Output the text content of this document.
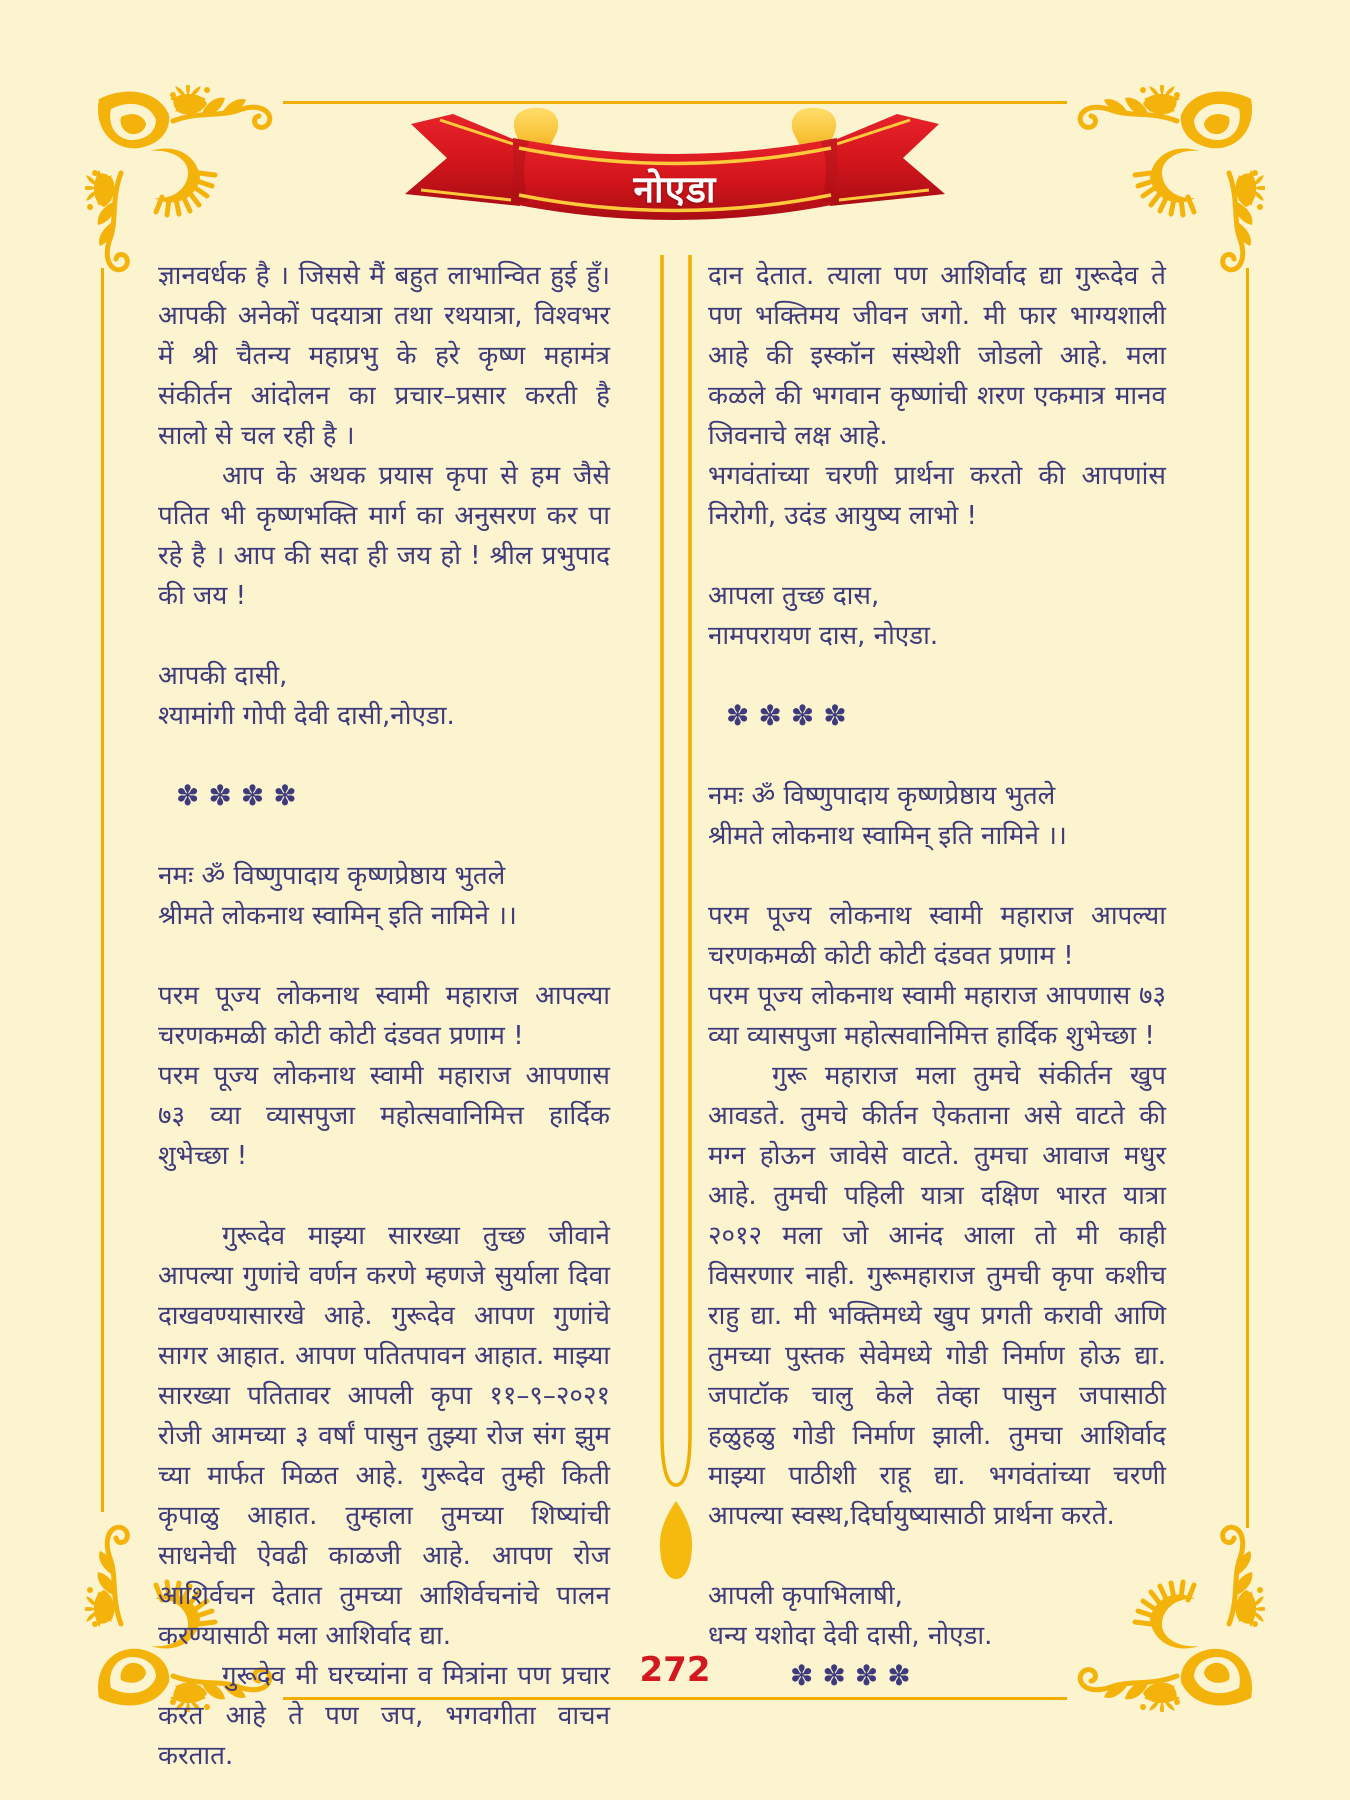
नोएडा

ज्ञानवर्धक है । जिससे मैं बहुत लाभान्वित हुई हुँ। आपकी अनेकों पदयात्रा तथा रथयात्रा, विश्वभर में श्री चैतन्य महाप्रभु के हरे कृष्ण महामंत्र संकीर्तन आंदोलन का प्रचार–प्रसार करती है सालो से चल रही है ।

आप के अथक प्रयास कृपा से हम जैसे पतित भी कृष्णभक्ति मार्ग का अनुसरण कर पा रहे है । आप की सदा ही जय हो ! श्रील प्रभुपाद की जय !

आपकी दासी,
श्यामांगी गोपी देवी दासी,नोएडा.
✽✽✽✽
नमः ॐ विष्णुपादाय कृष्णप्रेष्ठाय भुतले
श्रीमते लोकनाथ स्वामिन् इति नामिने ।।

परम पूज्य लोकनाथ स्वामी महाराज आपल्या चरणकमळी कोटी कोटी दंडवत प्रणाम !

परम पूज्य लोकनाथ स्वामी महाराज आपणास ७३ व्या व्यासपुजा महोत्सवानिमित्त हार्दिक शुभेच्छा !

गुरूदेव माझ्या सारख्या तुच्छ जीवाने आपल्या गुणांचे वर्णन करणे म्हणजे सुर्याला दिवा दाखवण्यासारखे आहे. गुरूदेव आपण गुणांचे सागर आहात. आपण पतितपावन आहात. माझ्या सारख्या पतितावर आपली कृपा ११–९–२०२१ रोजी आमच्या ३ वर्षां पासुन तुझ्या रोज संग झुम च्या मार्फत मिळत आहे. गुरूदेव तुम्ही किती कृपाळु आहात. तुम्हाला तुमच्या शिष्यांची साधनेची ऐवढी काळजी आहे. आपण रोज आशिर्वचन देतात तुमच्या आशिर्वचनांचे पालन करण्यासाठी मला आशिर्वाद द्या.

गुरूदेव मी घरच्यांना व मित्रांना पण प्रचार करत आहे ते पण जप, भगवगीता वाचन करतात.

दान देतात. त्याला पण आशिर्वाद द्या गुरूदेव ते पण भक्तिमय जीवन जगो. मी फार भाग्यशाली आहे की इस्कॉन संस्थेशी जोडलो आहे. मला कळले की भगवान कृष्णांची शरण एकमात्र मानव जिवनाचे लक्ष आहे.

भगवंतांच्या चरणी प्रार्थना करतो की आपणांस निरोगी, उदंड आयुष्य लाभो !

आपला तुच्छ दास,
नामपरायण दास, नोएडा.
✽✽✽✽
नमः ॐ विष्णुपादाय कृष्णप्रेष्ठाय भुतले
श्रीमते लोकनाथ स्वामिन् इति नामिने ।।

परम पूज्य लोकनाथ स्वामी महाराज आपल्या चरणकमळी कोटी कोटी दंडवत प्रणाम !

परम पूज्य लोकनाथ स्वामी महाराज आपणास ७३ व्या व्यासपुजा महोत्सवानिमित्त हार्दिक शुभेच्छा !

गुरू महाराज मला तुमचे संकीर्तन खुप आवडते. तुमचे कीर्तन ऐकताना असे वाटते की मग्न होऊन जावेसे वाटते. तुमचा आवाज मधुर आहे. तुमची पहिली यात्रा दक्षिण भारत यात्रा २०१२ मला जो आनंद आला तो मी काही विसरणार नाही. गुरूमहाराज तुमची कृपा कशीच राहु द्या. मी भक्तिमध्ये खुप प्रगती करावी आणि तुमच्या पुस्तक सेवेमध्ये गोडी निर्माण होऊ द्या. जपाटॉक चालु केले तेव्हा पासुन जपासाठी हळुहळु गोडी निर्माण झाली. तुमचा आशिर्वाद माझ्या पाठीशी राहू द्या. भगवंतांच्या चरणी आपल्या स्वस्थ,दिर्घायुष्यासाठी प्रार्थना करते.

आपली कृपाभिलाषी,
धन्य यशोदा देवी दासी, नोएडा.
✽✽✽✽
272
